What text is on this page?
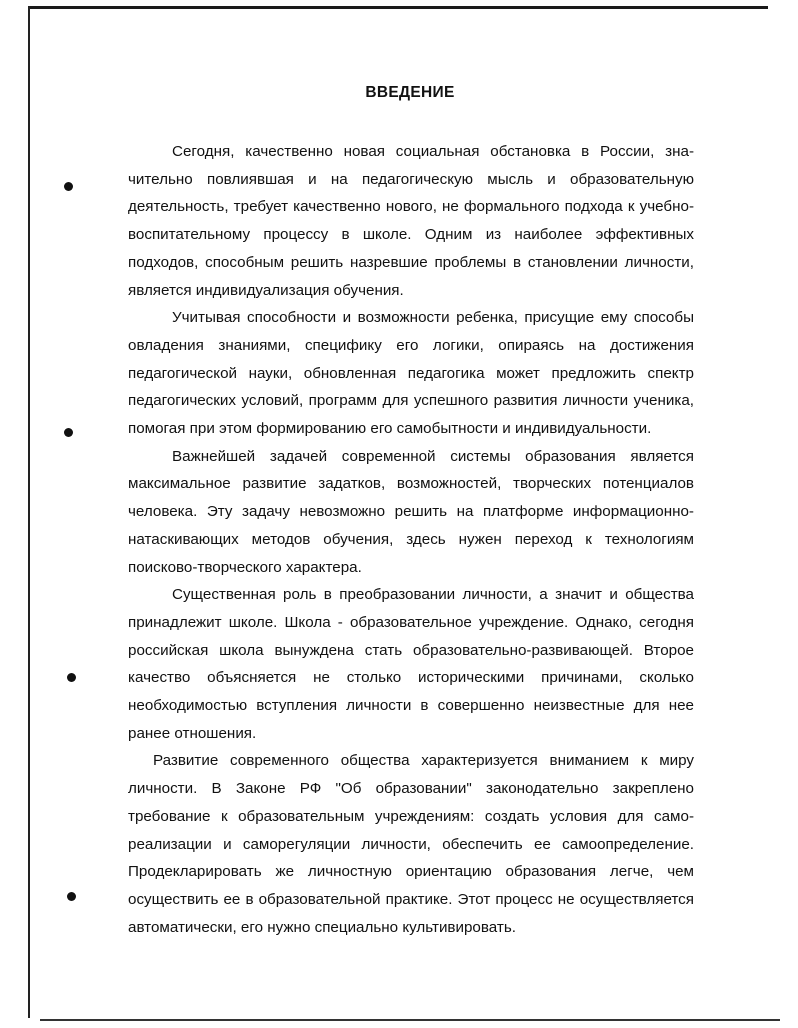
ВВЕДЕНИЕ

Сегодня, качественно новая социальная обстановка в России, значительно повлиявшая и на педагогическую мысль и образовательную деятельность, требует качественно нового, не формального подхода к учебно-воспитательному процессу в школе. Одним из наиболее эффективных подходов, способным решить назревшие проблемы в становлении личности, является индивидуализация обучения.

Учитывая способности и возможности ребенка, присущие ему способы овладения знаниями, специфику его логики, опираясь на достижения педагогической науки, обновленная педагогика может предложить спектр педагогических условий, программ для успешного развития личности ученика, помогая при этом формированию его самобытности и индивидуальности.

Важнейшей задачей современной системы образования является максимальное развитие задатков, возможностей, творческих потенциалов человека. Эту задачу невозможно решить на платформе информационно-натаскивающих методов обучения, здесь нужен переход к технологиям поисково-творческого характера.

Существенная роль в преобразовании личности, а значит и общества принадлежит школе. Школа - образовательное учреждение. Однако, сегодня российская школа вынуждена стать образовательно-развивающей. Второе качество объясняется не столько историческими причинами, сколько необходимостью вступления личности в совершенно неизвестные для нее ранее отношения.

Развитие современного общества характеризуется вниманием к миру личности. В Законе РФ "Об образовании" законодательно закреплено требование к образовательным учреждениям: создать условия для самореализации и саморегуляции личности, обеспечить ее самоопределение. Продекларировать же личностную ориентацию образования легче, чем осуществить ее в образовательной практике. Этот процесс не осуществляется автоматически, его нужно специально культивировать.
